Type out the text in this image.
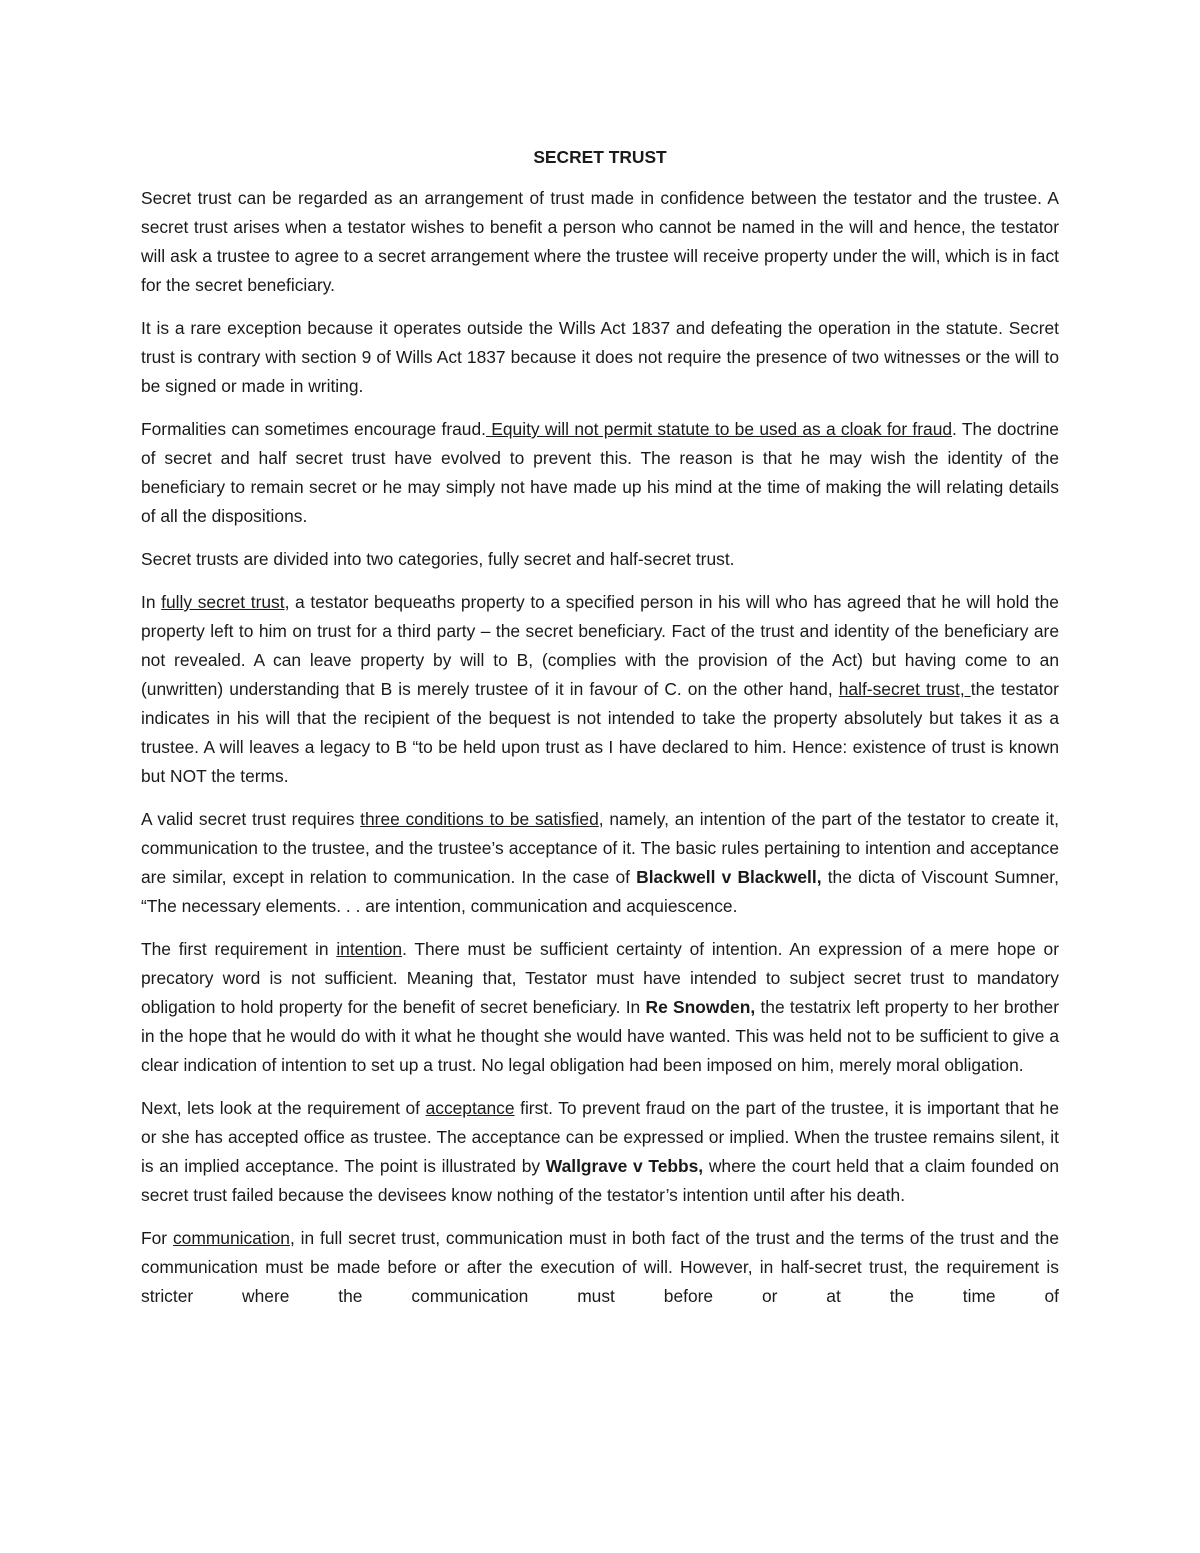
SECRET TRUST

Secret trust can be regarded as an arrangement of trust made in confidence between the testator and the trustee. A secret trust arises when a testator wishes to benefit a person who cannot be named in the will and hence, the testator will ask a trustee to agree to a secret arrangement where the trustee will receive property under the will, which is in fact for the secret beneficiary.

It is a rare exception because it operates outside the Wills Act 1837 and defeating the operation in the statute. Secret trust is contrary with section 9 of Wills Act 1837 because it does not require the presence of two witnesses or the will to be signed or made in writing.

Formalities can sometimes encourage fraud. Equity will not permit statute to be used as a cloak for fraud. The doctrine of secret and half secret trust have evolved to prevent this. The reason is that he may wish the identity of the beneficiary to remain secret or he may simply not have made up his mind at the time of making the will relating details of all the dispositions.

Secret trusts are divided into two categories, fully secret and half-secret trust.

In fully secret trust, a testator bequeaths property to a specified person in his will who has agreed that he will hold the property left to him on trust for a third party – the secret beneficiary. Fact of the trust and identity of the beneficiary are not revealed. A can leave property by will to B, (complies with the provision of the Act) but having come to an (unwritten) understanding that B is merely trustee of it in favour of C. on the other hand, half-secret trust, the testator indicates in his will that the recipient of the bequest is not intended to take the property absolutely but takes it as a trustee. A will leaves a legacy to B “to be held upon trust as I have declared to him. Hence: existence of trust is known but NOT the terms.

A valid secret trust requires three conditions to be satisfied, namely, an intention of the part of the testator to create it, communication to the trustee, and the trustee’s acceptance of it. The basic rules pertaining to intention and acceptance are similar, except in relation to communication. In the case of Blackwell v Blackwell, the dicta of Viscount Sumner, “The necessary elements. . . are intention, communication and acquiescence.

The first requirement in intention. There must be sufficient certainty of intention. An expression of a mere hope or precatory word is not sufficient. Meaning that, Testator must have intended to subject secret trust to mandatory obligation to hold property for the benefit of secret beneficiary. In Re Snowden, the testatrix left property to her brother in the hope that he would do with it what he thought she would have wanted. This was held not to be sufficient to give a clear indication of intention to set up a trust. No legal obligation had been imposed on him, merely moral obligation.

Next, lets look at the requirement of acceptance first. To prevent fraud on the part of the trustee, it is important that he or she has accepted office as trustee. The acceptance can be expressed or implied. When the trustee remains silent, it is an implied acceptance. The point is illustrated by Wallgrave v Tebbs, where the court held that a claim founded on secret trust failed because the devisees know nothing of the testator’s intention until after his death.

For communication, in full secret trust, communication must in both fact of the trust and the terms of the trust and the communication must be made before or after the execution of will. However, in half-secret trust, the requirement is stricter where the communication must before or at the time of
